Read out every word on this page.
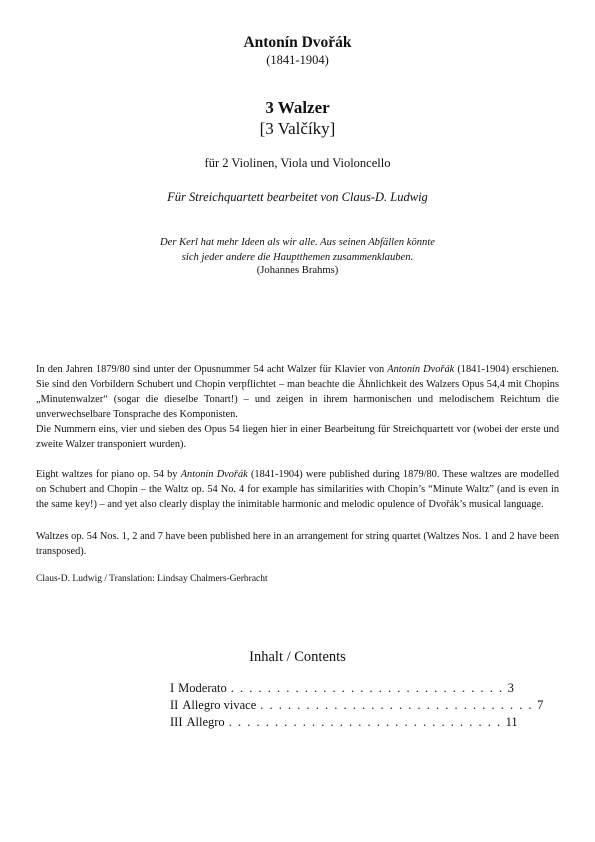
Antonín Dvořák
(1841-1904)
3 Walzer
[3 Valčíky]
für 2 Violinen, Viola und Violoncello
Für Streichquartett bearbeitet von Claus-D. Ludwig
Der Kerl hat mehr Ideen als wir alle. Aus seinen Abfällen könnte
sich jeder andere die Hauptthemen zusammenklauben.
(Johannes Brahms)
In den Jahren 1879/80 sind unter der Opusnummer 54 acht Walzer für Klavier von Antonín Dvořák (1841-1904) erschienen. Sie sind den Vorbildern Schubert und Chopin verpflichtet – man beachte die Ähnlichkeit des Walzers Opus 54,4 mit Chopins „Minutenwalzer“ (sogar die dieselbe Tonart!) – und zeigen in ihrem harmonischen und melodischem Reichtum die unverwechselbare Tonsprache des Komponisten.
Die Nummern eins, vier und sieben des Opus 54 liegen hier in einer Bearbeitung für Streichquartett vor (wobei der erste und zweite Walzer transponiert wurden).
Eight waltzes for piano op. 54 by Antonín Dvořák (1841-1904) were published during 1879/80. These waltzes are modelled on Schubert and Chopin – the Waltz op. 54 No. 4 for example has similarities with Chopin’s “Minute Waltz” (and is even in the same key!) – and yet also clearly display the inimitable harmonic and melodic opulence of Dvořák’s musical language.
Waltzes op. 54 Nos. 1, 2 and 7 have been published here in an arrangement for string quartet (Waltzes Nos. 1 and 2 have been transposed).
Claus-D. Ludwig / Translation: Lindsay Chalmers-Gerbracht
Inhalt / Contents
I Moderato . . . . . . . . . . . . . . . . . . . . . . . . . . . . . . 3
II Allegro vivace . . . . . . . . . . . . . . . . . . . . . . . . . . . . . . 7
III Allegro . . . . . . . . . . . . . . . . . . . . . . . . . . . . . . 11
